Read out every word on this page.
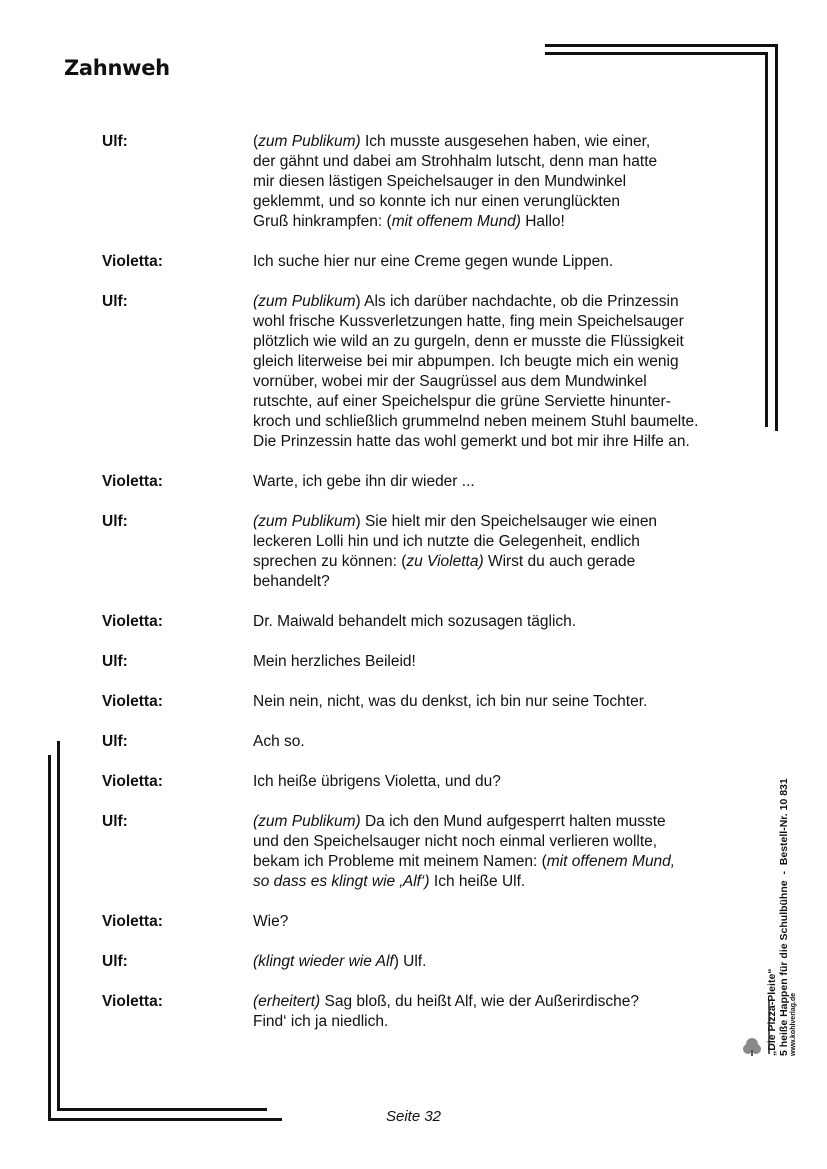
Zahnweh
Ulf:	(zum Publikum) Ich musste ausgesehen haben, wie einer,
der gähnt und dabei am Strohhalm lutscht, denn man hatte
mir diesen lästigen Speichelsauger in den Mundwinkel
geklemmt, und so konnte ich nur einen verunglückten
Gruß hinkrampfen: (mit offenem Mund) Hallo!
Violetta:	Ich suche hier nur eine Creme gegen wunde Lippen.
Ulf:	(zum Publikum) Als ich darüber nachdachte, ob die Prinzessin
wohl frische Kussverletzungen hatte, fing mein Speichelsauger
plötzlich wie wild an zu gurgeln, denn er musste die Flüssigkeit
gleich literweise bei mir abpumpen. Ich beugte mich ein wenig
vornüber, wobei mir der Saugrüssel aus dem Mundwinkel
rutschte, auf einer Speichelspur die grüne Serviette hinunter-
kroch und schließlich grummelnd neben meinem Stuhl baumelte.
Die Prinzessin hatte das wohl gemerkt und bot mir ihre Hilfe an.
Violetta:	Warte, ich gebe ihn dir wieder ...
Ulf:	(zum Publikum) Sie hielt mir den Speichelsauger wie einen
leckeren Lolli hin und ich nutzte die Gelegenheit, endlich
sprechen zu können: (zu Violetta) Wirst du auch gerade
behandelt?
Violetta:	Dr. Maiwald behandelt mich sozusagen täglich.
Ulf:	Mein herzliches Beileid!
Violetta:	Nein nein, nicht, was du denkst, ich bin nur seine Tochter.
Ulf:	Ach so.
Violetta:	Ich heiße übrigens Violetta, und du?
Ulf:	(zum Publikum) Da ich den Mund aufgesperrt halten musste
und den Speichelsauger nicht noch einmal verlieren wollte,
bekam ich Probleme mit meinem Namen: (mit offenem Mund,
so dass es klingt wie ‚Alf‘) Ich heiße Ulf.
Violetta:	Wie?
Ulf:	(klingt wieder wie Alf) Ulf.
Violetta:	(erheitert) Sag bloß, du heißt Alf, wie der Außerirdische?
Find‘ ich ja niedlich.	„Die Pizza-Pleite“ 5 heiße Happen für die Schulbühne  -  Bestell-Nr. 10 831 www.kohlverlag.de
Seite 32
